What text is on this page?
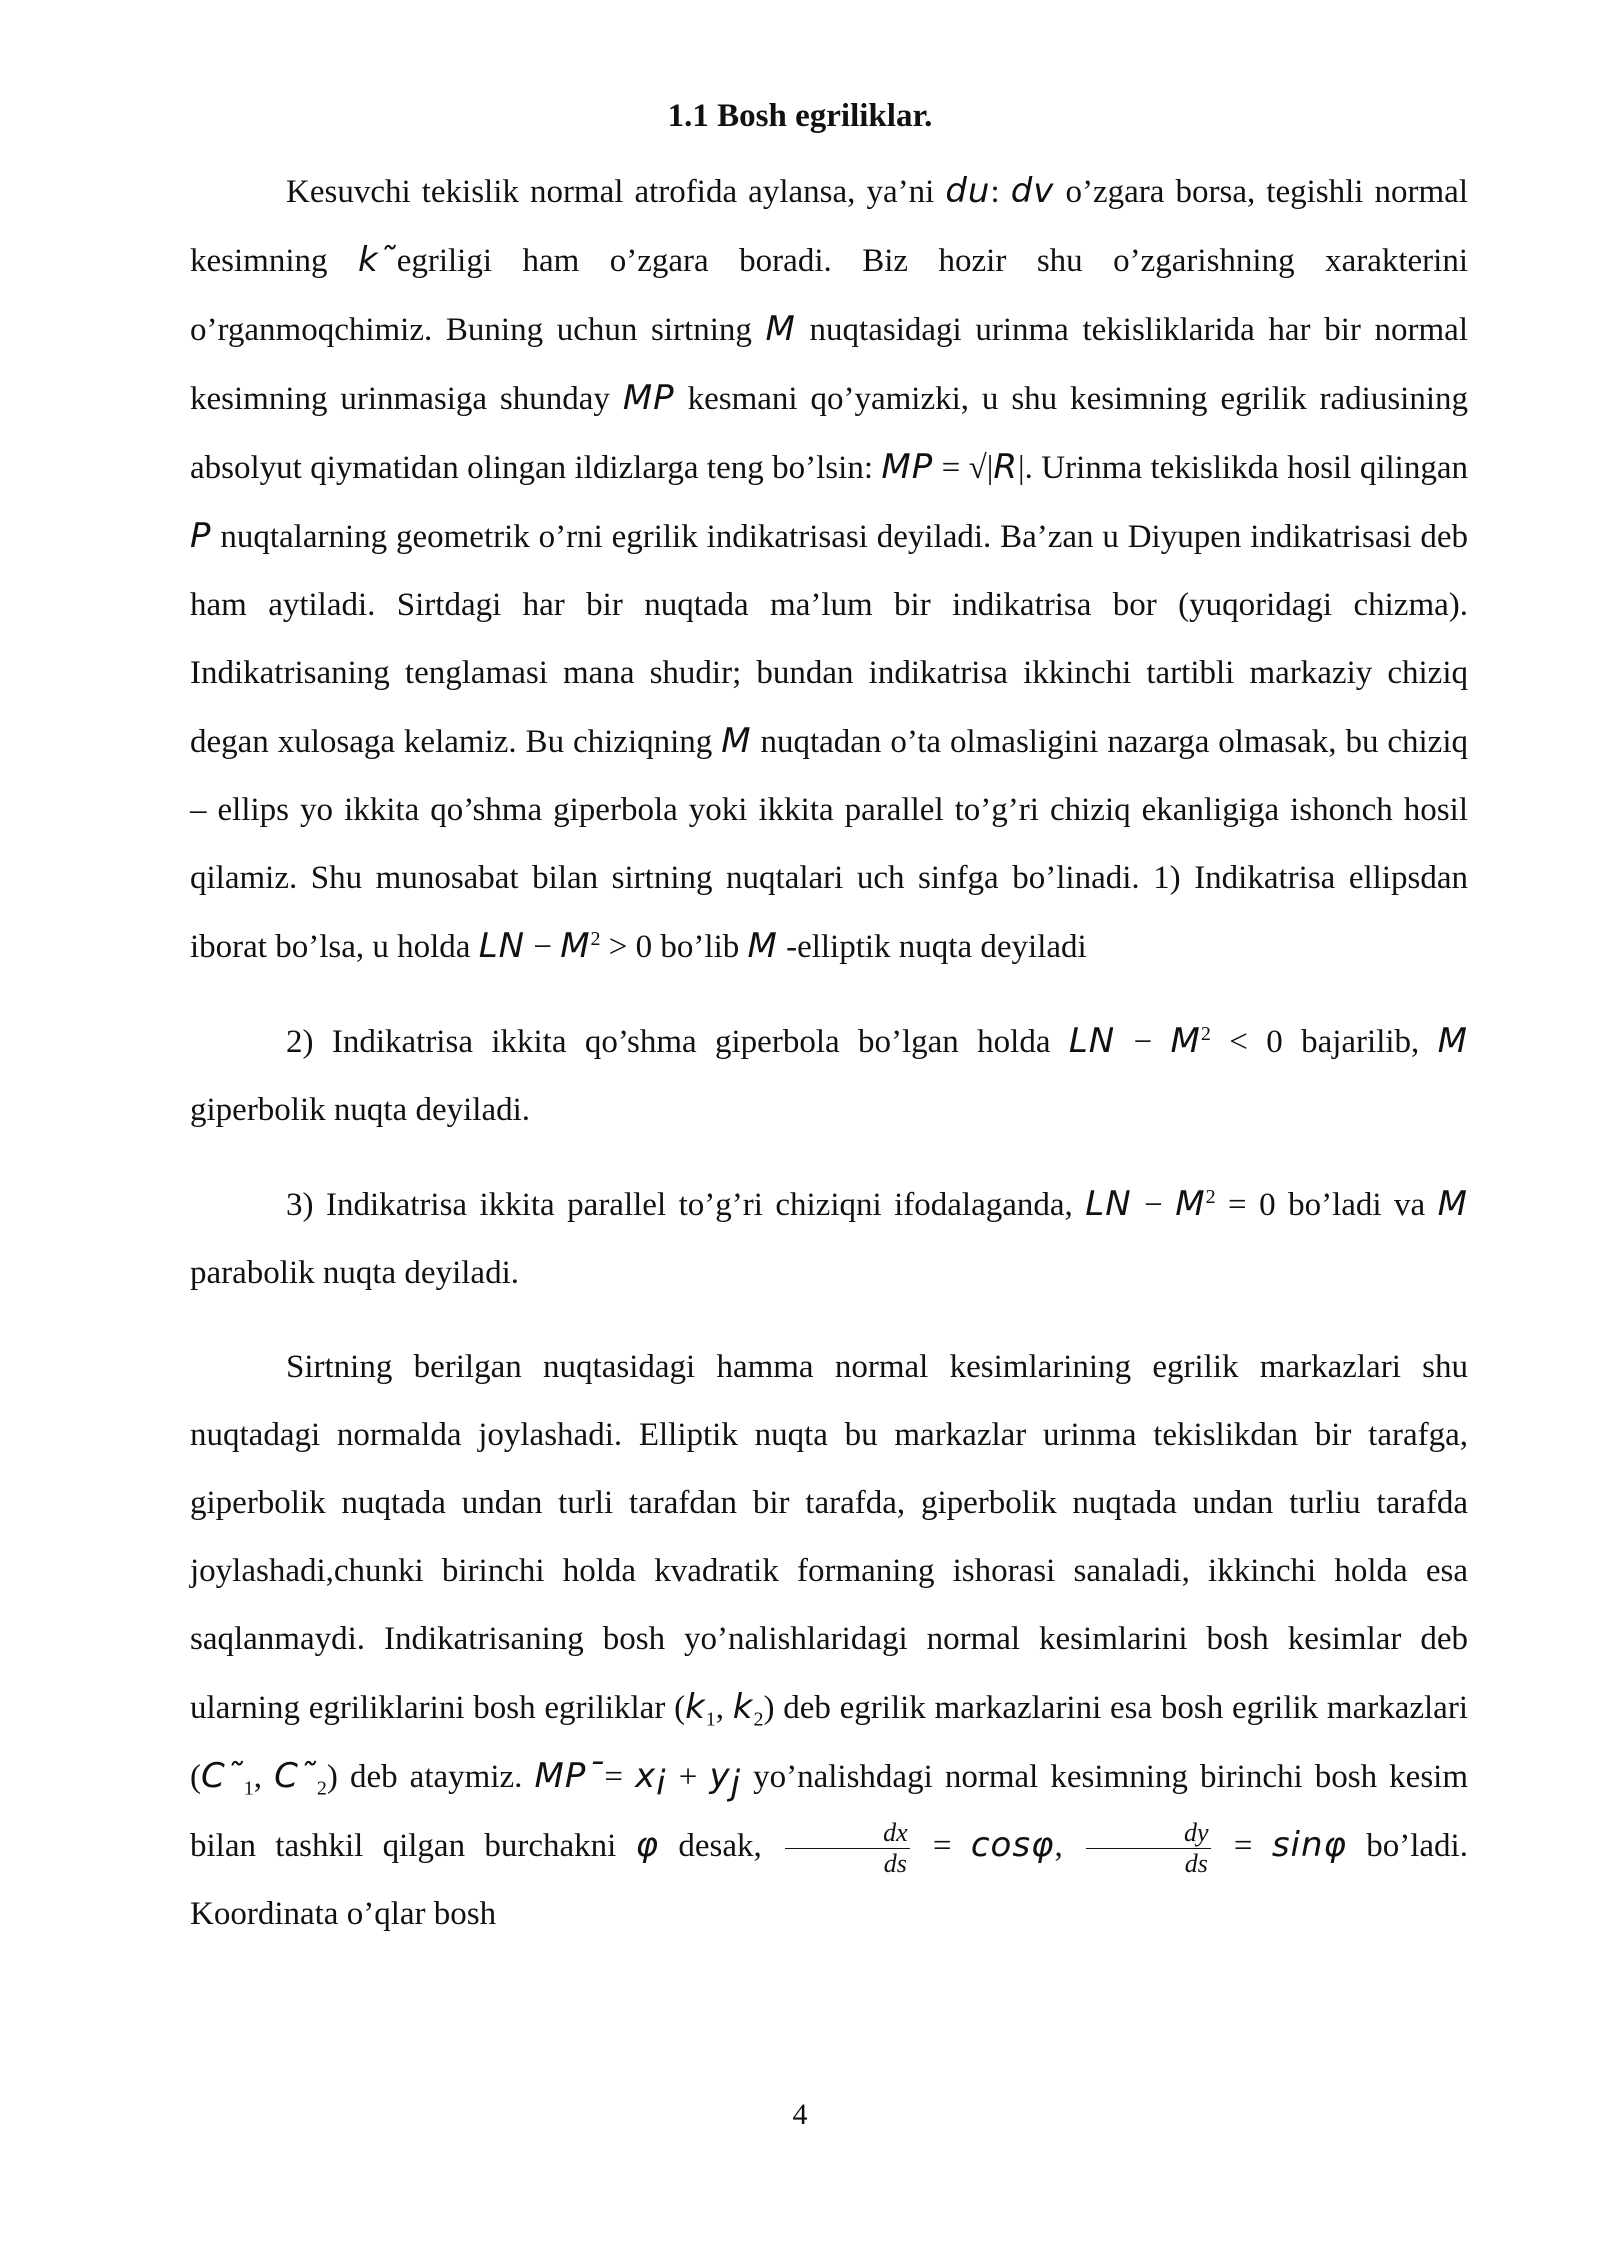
1.1 Bosh egriliklar.

Kesuvchi tekislik normal atrofida aylansa, ya’ni du: dv o’zgara borsa, tegishli normal kesimning k˜egriligi ham o’zgara boradi. Biz hozir shu o’zgarishning xarakterini o’rganmoqchimiz. Buning uchun sirtning M nuqtasidagi urinma tekisliklarida har bir normal kesimning urinmasiga shunday MP kesmani qo’yamizki, u shu kesimning egrilik radiusining absolyut qiymatidan olingan ildizlarga teng bo’lsin: MP = √|R|. Urinma tekislikda hosil qilingan P nuqtalarning geometrik o’rni egrilik indikatrisasi deyiladi. Ba’zan u Diyupen indikatrisasi deb ham aytiladi. Sirtdagi har bir nuqtada ma’lum bir indikatrisa bor (yuqoridagi chizma). Indikatrisaning tenglamasi mana shudir; bundan indikatrisa ikkinchi tartibli markaziy chiziq degan xulosaga kelamiz. Bu chiziqning M nuqtadan o’ta olmasligini nazarga olmasak, bu chiziq – ellips yo ikkita qo’shma giperbola yoki ikkita parallel to’g’ri chiziq ekanligiga ishonch hosil qilamiz. Shu munosabat bilan sirtning nuqtalari uch sinfga bo’linadi. 1) Indikatrisa ellipsdan iborat bo’lsa, u holda LN − $M^2 > 0$ bo’lib M -elliptik nuqta deyiladi

2) Indikatrisa ikkita qo’shma giperbola bo’lgan holda LN − $M^2 < 0$ bajarilib, M giperbolik nuqta deyiladi.

3) Indikatrisa ikkita parallel to’g’ri chiziqni ifodalaganda, LN − $M^2 = 0$ bo’ladi va M parabolik nuqta deyiladi.

Sirtning berilgan nuqtasidagi hamma normal kesimlarining egrilik markazlari shu nuqtadagi normalda joylashadi. Elliptik nuqta bu markazlar urinma tekislikdan bir tarafga, giperbolik nuqtada undan turli tarafdan bir tarafda, giperbolik nuqtada undan turliu tarafda joylashadi,chunki birinchi holda kvadratik formaning ishorasi sanaladi, ikkinchi holda esa saqlanmaydi. Indikatrisaning bosh yo’nalishlaridagi normal kesimlarini bosh kesimlar deb ularning egriliklarini bosh egriliklar ($k_1$, $k_2$) deb egrilik markazlarini esa bosh egrilik markazlari ($C˜_1$, $C˜_2$) deb ataymiz. MP¯= $x_i + y_j$ yo’nalishdagi normal kesimning birinchi bosh kesim bilan tashkil qilgan burchakni φ desak, $\frac{dx}{ds} = \cos\varphi$, $\frac{dy}{ds} = \sin\varphi$ bo’ladi. Koordinata o’qlar bosh

4
